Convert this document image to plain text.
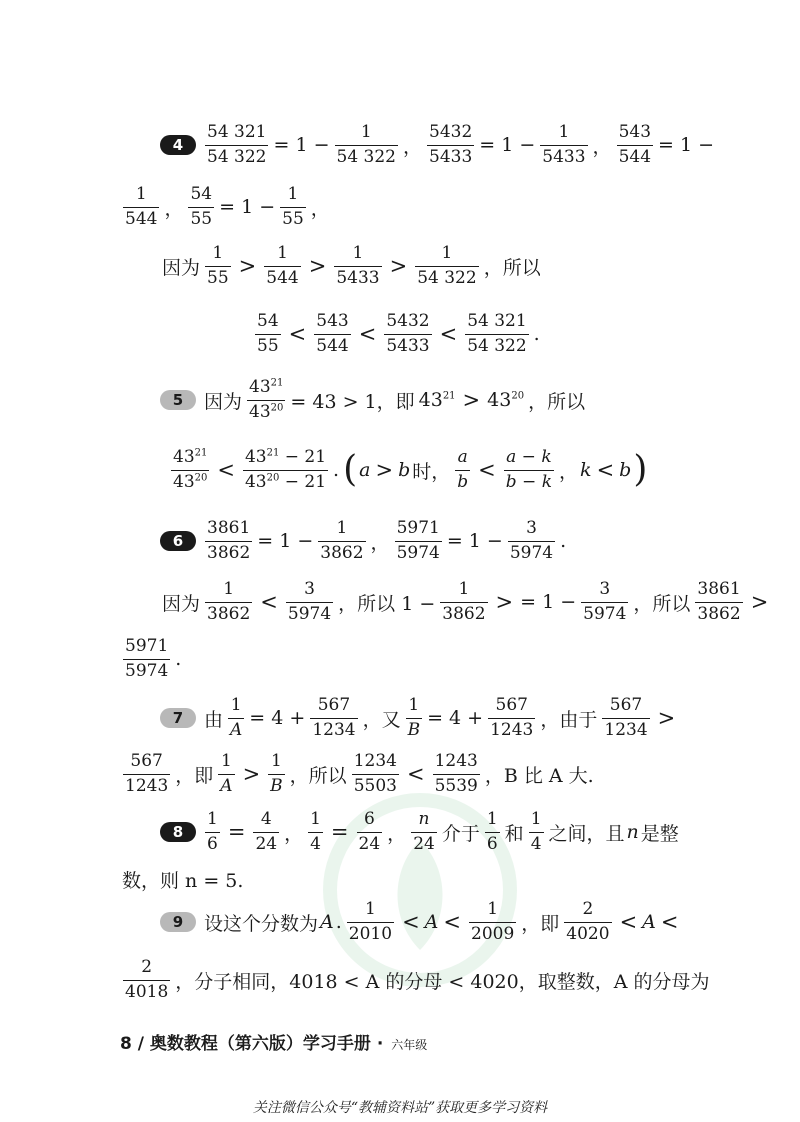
4	$\frac{54 321}{54 322} = 1 - \frac{1}{54 322}$ ， $\frac{5432}{5433} = 1 - \frac{1}{5433}$ ， $\frac{543}{544} = 1$ −
$\frac{1}{544}$ ， $\frac{54}{55} = 1 - \frac{1}{55}$ ，
因为 $\frac{1}{55} > \frac{1}{544} > \frac{1}{5433} > \frac{1}{54 322}$ ，所以
$\frac{54}{55} < \frac{543}{544} < \frac{5432}{5433} < \frac{54 321}{54 322}$ .
5	因为 $\frac{43^{21}}{43^{20}} = 43 > 1$，即 $43^{21} > 43^{20}$ ，所以
$\frac{43^{21}}{43^{20}} < \frac{43^{21} - 21}{43^{20} - 21}$ . ( a > b 时， $\frac{a}{b} < \frac{a - k}{b - k}$ ， k < b )
6	$\frac{3861}{3862} = 1 - \frac{1}{3862}$ ， $\frac{5971}{5974} = 1 - \frac{3}{5974}$ .
因为 $\frac{1}{3862} < \frac{3}{5974}$ ，所以 $1 - \frac{1}{3862}$ > = $1 - \frac{3}{5974}$ ，所以 $\frac{3861}{3862}$ >
$\frac{5971}{5974}$ .
7	由 $\frac{1}{A} = 4 + \frac{567}{1234}$ ，又 $\frac{1}{B} = 4 + \frac{567}{1243}$ ，由于 $\frac{567}{1234}$ >
$\frac{567}{1243}$ ，即 $\frac{1}{A} > \frac{1}{B}$ ，所以 $\frac{1234}{5503} < \frac{1243}{5539}$ ，B 比 A 大.
8	$\frac{1}{6} = \frac{4}{24}$ ， $\frac{1}{4} = \frac{6}{24}$ ， $\frac{n}{24}$ 介于 $\frac{1}{6}$ 和 $\frac{1}{4}$ 之间，且 n 是整
数，则 n = 5.
9	设这个分数为 A . $\frac{1}{2010} < A < \frac{1}{2009}$ ，即 $\frac{2}{4020} < A$ <
$\frac{2}{4018}$ ，分子相同，4018 < A 的分母 < 4020，取整数，A 的分母为
8 / 奥数教程（第六版）学习手册 · 六年级
关注微信公众号“教辅资料站”获取更多学习资料
